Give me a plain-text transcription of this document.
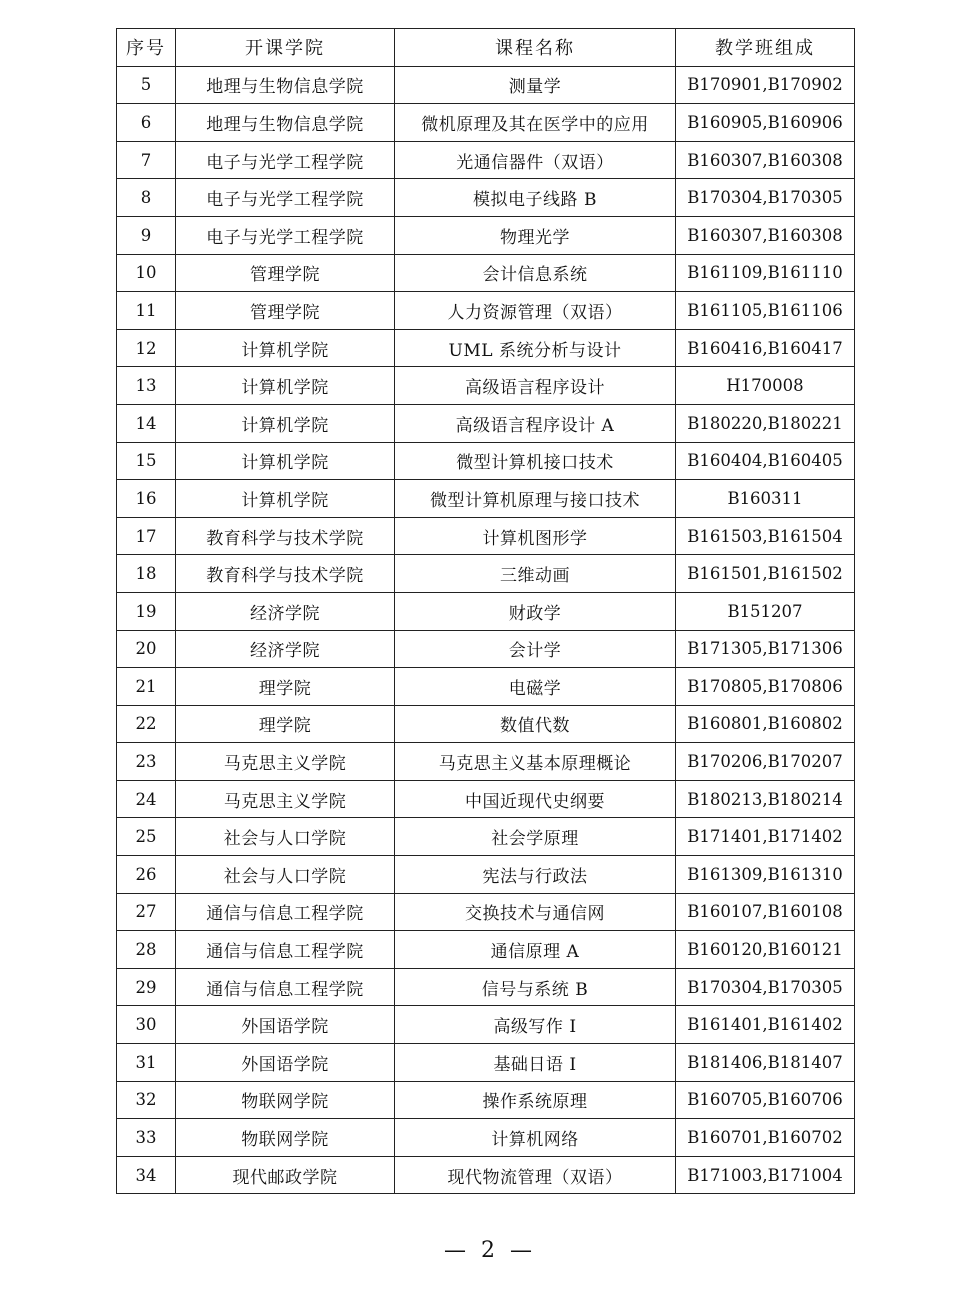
序号	开课学院	课程名称	教学班组成
5	地理与生物信息学院	测量学	B170901,B170902
6	地理与生物信息学院	微机原理及其在医学中的应用	B160905,B160906
7	电子与光学工程学院	光通信器件（双语）	B160307,B160308
8	电子与光学工程学院	模拟电子线路 B	B170304,B170305
9	电子与光学工程学院	物理光学	B160307,B160308
10	管理学院	会计信息系统	B161109,B161110
11	管理学院	人力资源管理（双语）	B161105,B161106
12	计算机学院	UML 系统分析与设计	B160416,B160417
13	计算机学院	高级语言程序设计	H170008
14	计算机学院	高级语言程序设计 A	B180220,B180221
15	计算机学院	微型计算机接口技术	B160404,B160405
16	计算机学院	微型计算机原理与接口技术	B160311
17	教育科学与技术学院	计算机图形学	B161503,B161504
18	教育科学与技术学院	三维动画	B161501,B161502
19	经济学院	财政学	B151207
20	经济学院	会计学	B171305,B171306
21	理学院	电磁学	B170805,B170806
22	理学院	数值代数	B160801,B160802
23	马克思主义学院	马克思主义基本原理概论	B170206,B170207
24	马克思主义学院	中国近现代史纲要	B180213,B180214
25	社会与人口学院	社会学原理	B171401,B171402
26	社会与人口学院	宪法与行政法	B161309,B161310
27	通信与信息工程学院	交换技术与通信网	B160107,B160108
28	通信与信息工程学院	通信原理 A	B160120,B160121
29	通信与信息工程学院	信号与系统 B	B170304,B170305
30	外国语学院	高级写作 I	B161401,B161402
31	外国语学院	基础日语 I	B181406,B181407
32	物联网学院	操作系统原理	B160705,B160706
33	物联网学院	计算机网络	B160701,B160702
34	现代邮政学院	现代物流管理（双语）	B171003,B171004
— 2 —
